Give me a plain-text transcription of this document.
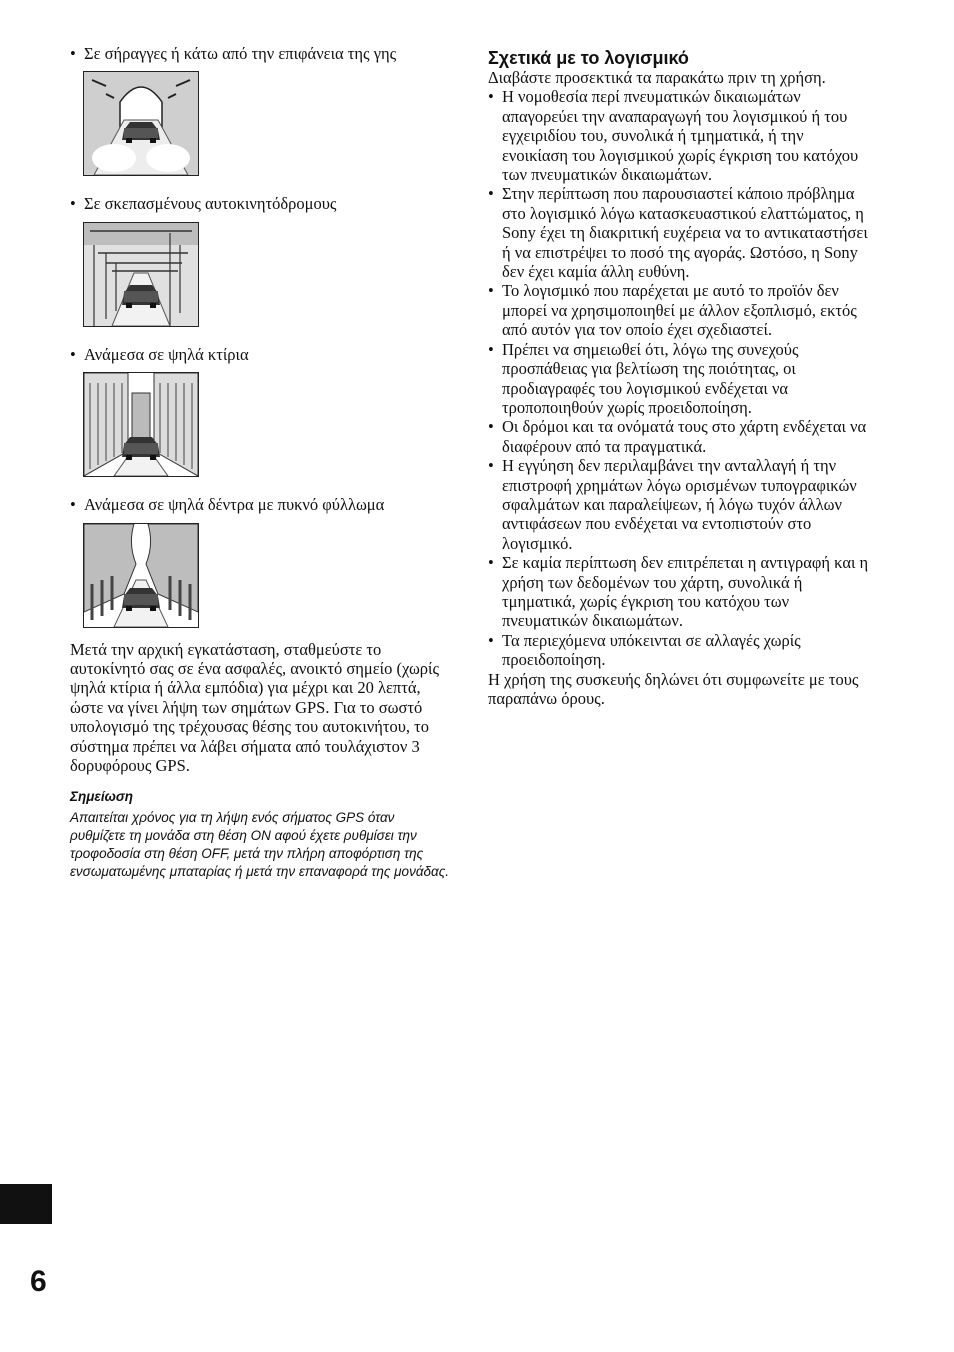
• Σε σήραγγες ή κάτω από την επιφάνεια της γης
• Σε σκεπασμένους αυτοκινητόδρομους
• Ανάμεσα σε ψηλά κτίρια
• Ανάμεσα σε ψηλά δέντρα με πυκνό φύλλωμα

Μετά την αρχική εγκατάσταση, σταθμεύστε το αυτοκίνητό σας σε ένα ασφαλές, ανοικτό σημείο (χωρίς ψηλά κτίρια ή άλλα εμπόδια) για μέχρι και 20 λεπτά, ώστε να γίνει λήψη των σημάτων GPS. Για το σωστό υπολογισμό της τρέχουσας θέσης του αυτοκινήτου, το σύστημα πρέπει να λάβει σήματα από τουλάχιστον 3 δορυφόρους GPS.

Σημείωση

Απαιτείται χρόνος για τη λήψη ενός σήματος GPS όταν ρυθμίζετε τη μονάδα στη θέση ON αφού έχετε ρυθμίσει την τροφοδοσία στη θέση OFF, μετά την πλήρη αποφόρτιση της ενσωματωμένης μπαταρίας ή μετά την επαναφορά της μονάδας.

Σχετικά με το λογισμικό

Διαβάστε προσεκτικά τα παρακάτω πριν τη χρήση.

• Η νομοθεσία περί πνευματικών δικαιωμάτων απαγορεύει την αναπαραγωγή του λογισμικού ή του εγχειριδίου του, συνολικά ή τμηματικά, ή την ενοικίαση του λογισμικού χωρίς έγκριση του κατόχου των πνευματικών δικαιωμάτων.
• Στην περίπτωση που παρουσιαστεί κάποιο πρόβλημα στο λογισμικό λόγω κατασκευαστικού ελαττώματος, η Sony έχει τη διακριτική ευχέρεια να το αντικαταστήσει ή να επιστρέψει το ποσό της αγοράς. Ωστόσο, η Sony δεν έχει καμία άλλη ευθύνη.
• Το λογισμικό που παρέχεται με αυτό το προϊόν δεν μπορεί να χρησιμοποιηθεί με άλλον εξοπλισμό, εκτός από αυτόν για τον οποίο έχει σχεδιαστεί.
• Πρέπει να σημειωθεί ότι, λόγω της συνεχούς προσπάθειας για βελτίωση της ποιότητας, οι προδιαγραφές του λογισμικού ενδέχεται να τροποποιηθούν χωρίς προειδοποίηση.
• Οι δρόμοι και τα ονόματά τους στο χάρτη ενδέχεται να διαφέρουν από τα πραγματικά.
• Η εγγύηση δεν περιλαμβάνει την ανταλλαγή ή την επιστροφή χρημάτων λόγω ορισμένων τυπογραφικών σφαλμάτων και παραλείψεων, ή λόγω τυχόν άλλων αντιφάσεων που ενδέχεται να εντοπιστούν στο λογισμικό.
• Σε καμία περίπτωση δεν επιτρέπεται η αντιγραφή και η χρήση των δεδομένων του χάρτη, συνολικά ή τμηματικά, χωρίς έγκριση του κατόχου των πνευματικών δικαιωμάτων.
• Τα περιεχόμενα υπόκεινται σε αλλαγές χωρίς προειδοποίηση.

Η χρήση της συσκευής δηλώνει ότι συμφωνείτε με τους παραπάνω όρους.

6
